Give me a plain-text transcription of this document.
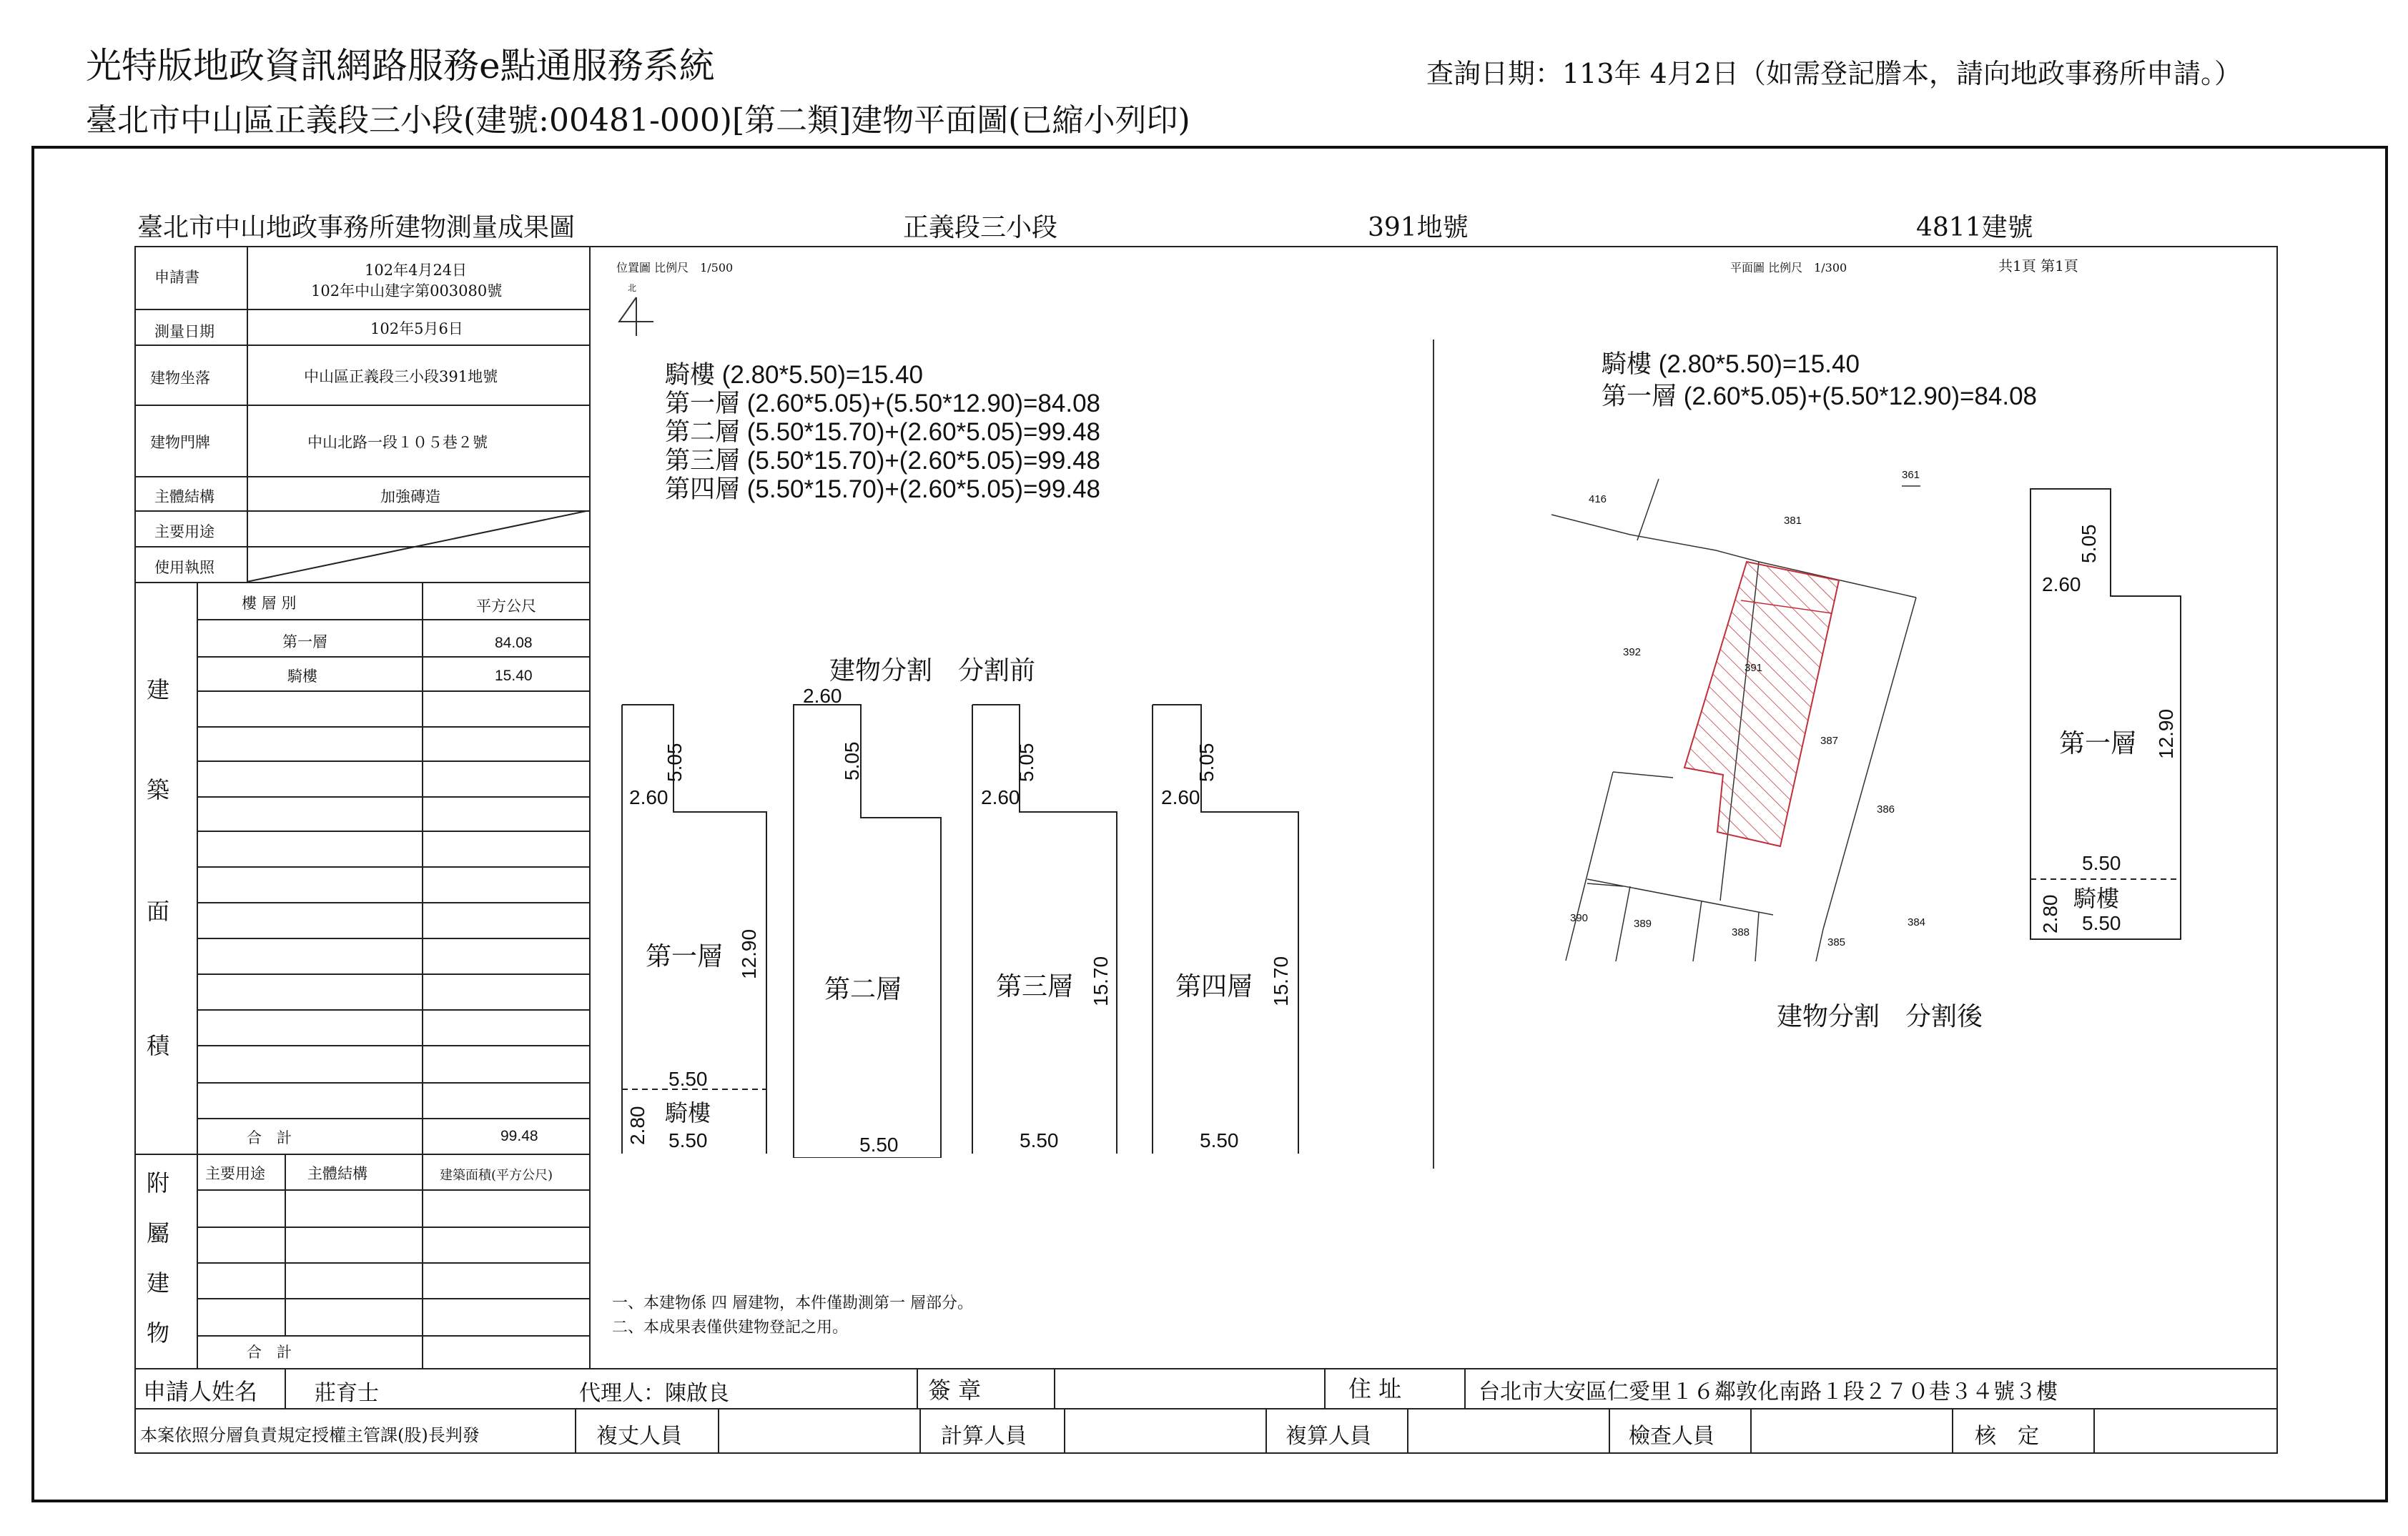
光特版地政資訊網路服務e點通服務系統	查詢日期：113年 4月2日（如需登記謄本，請向地政事務所申請。）
臺北市中山區正義段三小段(建號:00481-000)[第二類]建物平面圖(已縮小列印)
臺北市中山地政事務所建物測量成果圖	正義段三小段	391地號	4811建號
申請書	102年4月24日
102年中山建字第003080號
測量日期	102年5月6日
建物坐落	中山區正義段三小段391地號
建物門牌	中山北路一段１０５巷２號
主體結構	加強磚造
主要用途
使用執照
建
築
面
積
樓 層 別	平方公尺
第一層	84.08
騎樓	15.40
合　計	99.48
附
屬
建
物
主要用途	主體結構	建築面積(平方公尺)
合　計
位置圖 比例尺　1/500
北
平面圖 比例尺　1/300	共1頁 第1頁
騎樓 (2.80*5.50)=15.40
第一層 (2.60*5.05)+(5.50*12.90)=84.08
第二層 (5.50*15.70)+(2.60*5.05)=99.48
第三層 (5.50*15.70)+(2.60*5.05)=99.48
第四層 (5.50*15.70)+(2.60*5.05)=99.48
騎樓 (2.80*5.50)=15.40
第一層 (2.60*5.05)+(5.50*12.90)=84.08
建物分割　分割前
建物分割　分割後
2.60
5.05
第一層 12.90
5.50
騎樓
2.80 5.50
2.60
5.05
第二層
5.50
2.60
5.05
第三層 15.70
5.50
2.60
5.05
第四層 15.70
5.50
416
381
361
392
391
387
386
390	389
388
385
384
5.05
2.60
第一層 12.90
5.50
騎樓
2.80 5.50
一、本建物係 四 層建物，本件僅勘測第一 層部分。
二、本成果表僅供建物登記之用。
申請人姓名	莊育士	代理人：陳啟良	簽 章	住 址	台北市大安區仁愛里１６鄰敦化南路１段２７０巷３４號３樓
本案依照分層負責規定授權主管課(股)長判發	複丈人員	計算人員	複算人員	檢查人員	核　定
